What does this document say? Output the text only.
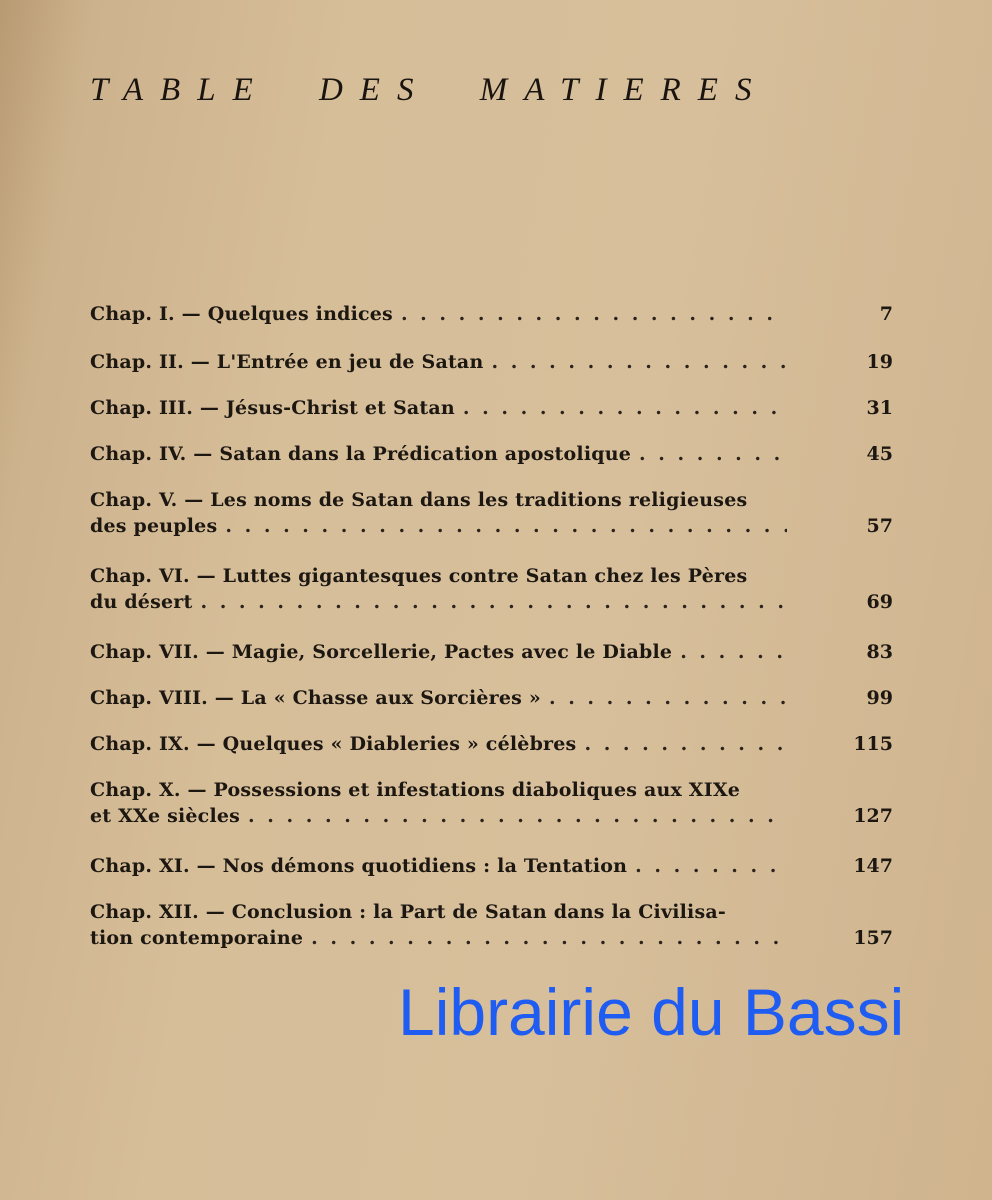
TABLE DES MATIERES
Chap. I. — Quelques indices . . .	7
Chap. II. — L'Entrée en jeu de Satan . . .	19
Chap. III. — Jésus-Christ et Satan . . .	31
Chap. IV. — Satan dans la Prédication apostolique . . .	45
Chap. V. — Les noms de Satan dans les traditions religieuses
des peuples . . .	57
Chap. VI. — Luttes gigantesques contre Satan chez les Pères
du désert . . .	69
Chap. VII. — Magie, Sorcellerie, Pactes avec le Diable . . .	83
Chap. VIII. — La « Chasse aux Sorcières » . . .	99
Chap. IX. — Quelques « Diableries » célèbres . . .	115
Chap. X. — Possessions et infestations diaboliques aux XIXe
et XXe siècles . . .	127
Chap. XI. — Nos démons quotidiens : la Tentation . . .	147
Chap. XII. — Conclusion : la Part de Satan dans la Civilisa-
tion contemporaine . . .	157
Librairie du Bassi
